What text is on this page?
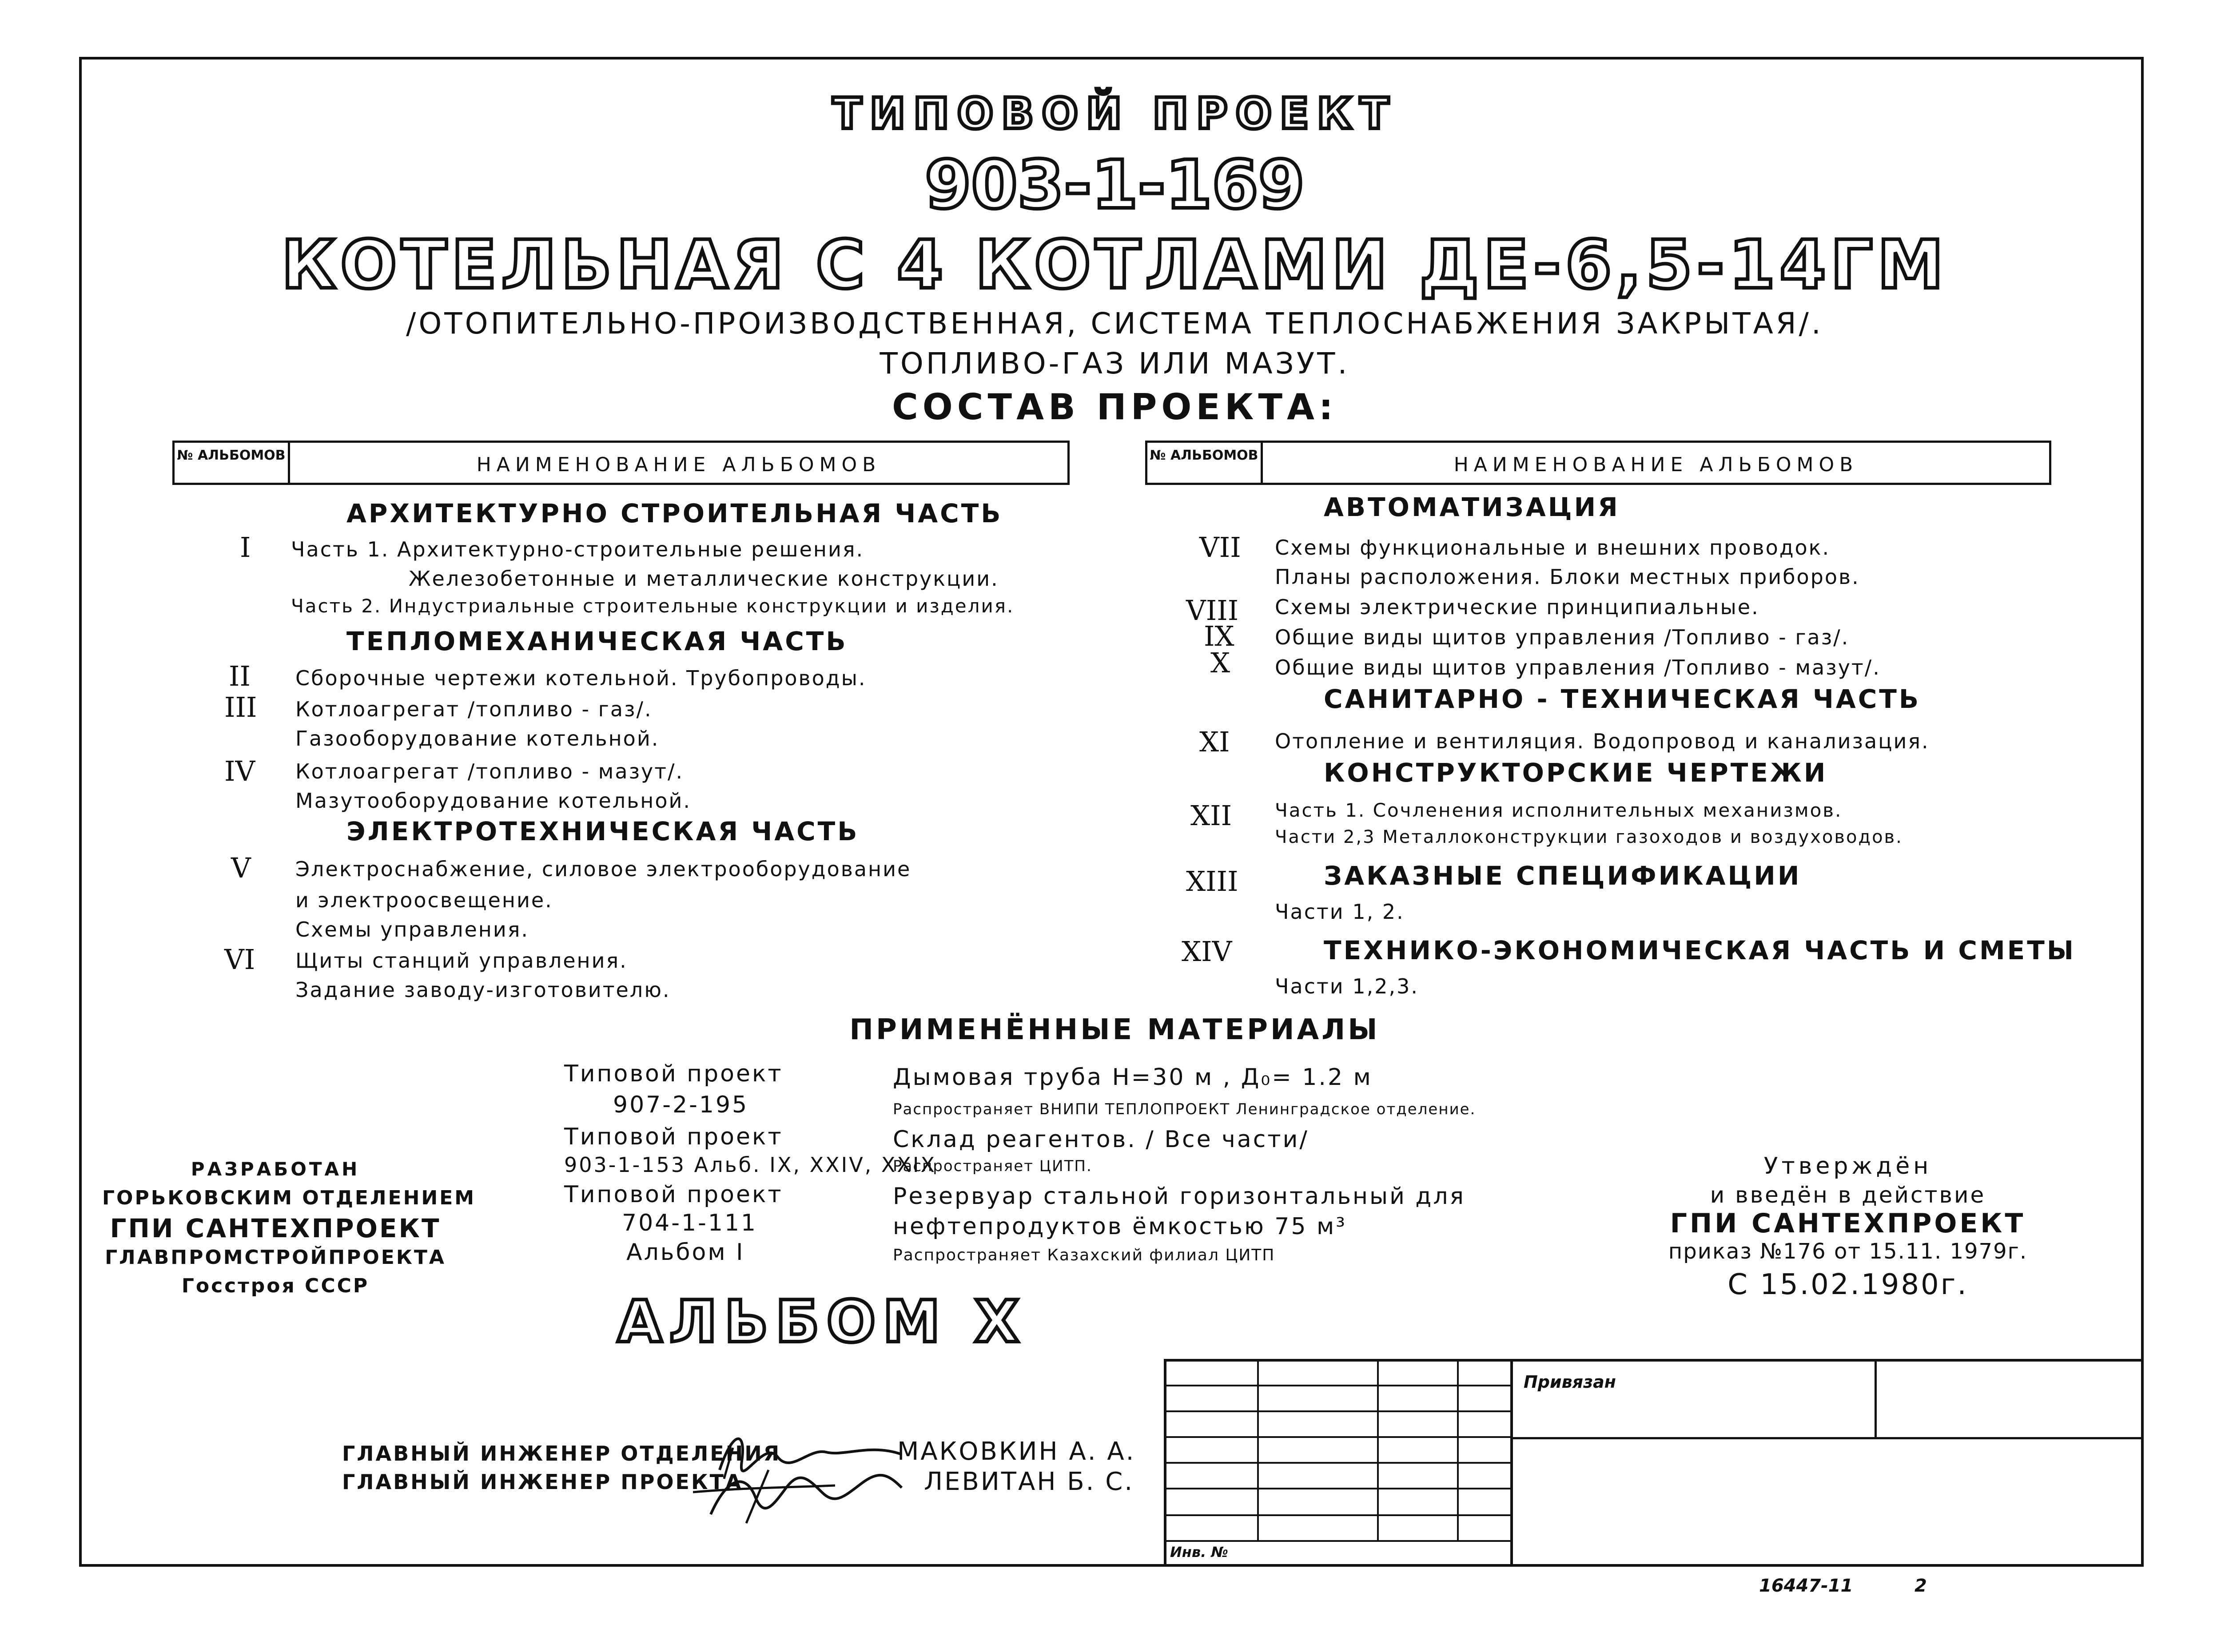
ТИПОВОЙ ПРОЕКТ
903-1-169
КОТЕЛЬНАЯ С 4 КОТЛАМИ ДЕ-6,5-14ГМ
/ОТОПИТЕЛЬНО-ПРОИЗВОДСТВЕННАЯ, СИСТЕМА ТЕПЛОСНАБЖЕНИЯ ЗАКРЫТАЯ/.
ТОПЛИВО-ГАЗ ИЛИ МАЗУТ.
СОСТАВ ПРОЕКТА:
№ АЛЬБОМОВ	НАИМЕНОВАНИЕ АЛЬБОМОВ	№ АЛЬБОМОВ	НАИМЕНОВАНИЕ АЛЬБОМОВ
АРХИТЕКТУРНО СТРОИТЕЛЬНАЯ ЧАСТЬ
I Часть 1. Архитектурно-строительные решения.
Железобетонные и металлические конструкции.
Часть 2. Индустриальные строительные конструкции и изделия.
ТЕПЛОМЕХАНИЧЕСКАЯ ЧАСТЬ
II Сборочные чертежи котельной. Трубопроводы.
III Котлоагрегат /топливо - газ/.
Газооборудование котельной.
IV Котлоагрегат /топливо - мазут/.
Мазутооборудование котельной.
ЭЛЕКТРОТЕХНИЧЕСКАЯ ЧАСТЬ
V Электроснабжение, силовое электрооборудование
и электроосвещение.
Схемы управления.
VI Щиты станций управления.
Задание заводу-изготовителю.
АВТОМАТИЗАЦИЯ
VII Схемы функциональные и внешних проводок.
Планы расположения. Блоки местных приборов.
VIII Схемы электрические принципиальные.
IX Общие виды щитов управления /Топливо - газ/.
X Общие виды щитов управления /Топливо - мазут/.
САНИТАРНО - ТЕХНИЧЕСКАЯ ЧАСТЬ
XI Отопление и вентиляция. Водопровод и канализация.
КОНСТРУКТОРСКИЕ ЧЕРТЕЖИ
XII Часть 1. Сочленения исполнительных механизмов.
Части 2,3 Металлоконструкции газоходов и воздуховодов.
XIII	ЗАКАЗНЫЕ СПЕЦИФИКАЦИИ
Части 1, 2.
XIV	ТЕХНИКО-ЭКОНОМИЧЕСКАЯ ЧАСТЬ И СМЕТЫ
Части 1,2,3.
ПРИМЕНЁННЫЕ МАТЕРИАЛЫ
Типовой проект
907-2-195
Типовой проект
903-1-153 Альб. IX, XXIV, XXIX
Типовой проект
704-1-111
Альбом I
Дымовая труба Н=30 м , Д₀= 1.2 м
Распространяет ВНИПИ ТЕПЛОПРОЕКТ Ленинградское отделение.
Склад реагентов. / Все части/
Распространяет ЦИТП.
Резервуар стальной горизонтальный для
нефтепродуктов ёмкостью 75 м³
Распространяет Казахский филиал ЦИТП
РАЗРАБОТАН
ГОРЬКОВСКИМ ОТДЕЛЕНИЕМ
ГПИ САНТЕХПРОЕКТ
ГЛАВПРОМСТРОЙПРОЕКТА
Госстроя СССР
Утверждён
и введён в действие
ГПИ САНТЕХПРОЕКТ
приказ №176 от 15.11. 1979г.
С 15.02.1980г.
АЛЬБОМ X
ГЛАВНЫЙ ИНЖЕНЕР ОТДЕЛЕНИЯ	МАКОВКИН А. А.
ГЛАВНЫЙ ИНЖЕНЕР ПРОЕКТА	ЛЕВИТАН Б. С.
Привязан
Инв. №
16447-11	2
